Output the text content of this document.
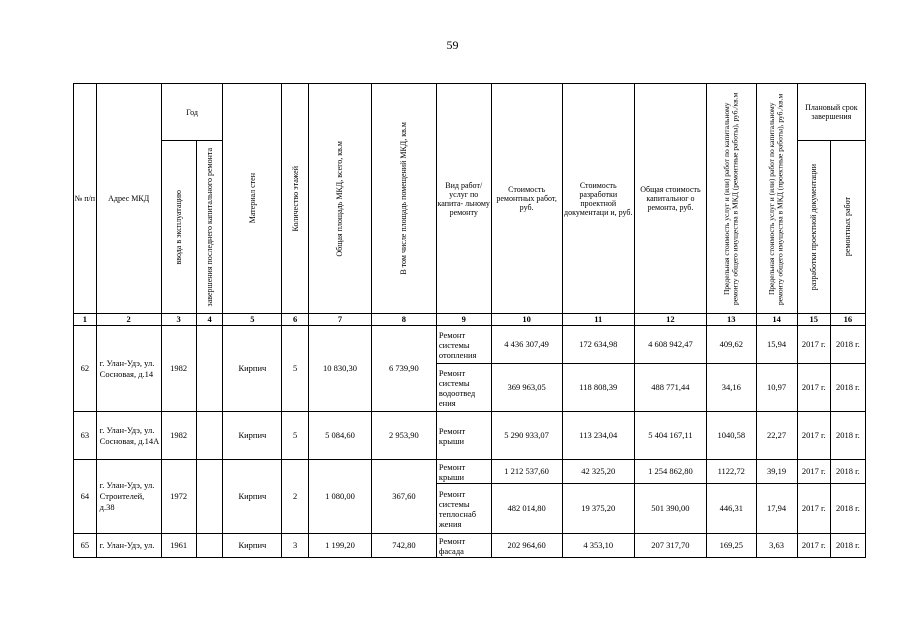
59
№ п/п	Адрес МКД	Год		Материал стен	Количество этажей	Общая площадь МКД, всего, кв.м	В том числе площадь помещений МКД, кв.м	Вид работ/ услуг по капита- льному ремонту	Стоимость ремонтных работ, руб.	Стоимость разработки проектной документаци и, руб.	Общая стоимость капитальног о ремонта, руб.	Предельная стоимость услуг и (или) работ по капитальному ремонту общего имущества в МКД (ремонтные работы), руб./кв.м	Предельная стоимость услуг и (или) работ по капитальному ремонту общего имущества в МКД (проектные работы), руб./кв.м	Плановый срок завершения	

		ввода в эксплуатацию	завершения последнего капитального ремонта											разработки проектной документации	ремонтных работ

1	2	3	4	5	6	7	8	9	10	11	12	13	14	15	16
62	г. Улан-Удэ, ул. Сосновая, д.14	1982		Кирпич	5	10 830,30	6 739,90	Ремонт системы отопления	4 436 307,49	172 634,98	4 608 942,47	409,62	15,94	2017 г.	2018 г.
								Ремонт системы водоотвед ения	369 963,05	118 808,39	488 771,44	34,16	10,97	2017 г.	2018 г.
63	г. Улан-Удэ, ул. Сосновая, д.14А	1982		Кирпич	5	5 084,60	2 953,90	Ремонт крыши	5 290 933,07	113 234,04	5 404 167,11	1040,58	22,27	2017 г.	2018 г.
64	г. Улан-Удэ, ул. Строителей, д.38	1972		Кирпич	2	1 080,00	367,60	Ремонт крыши	1 212 537,60	42 325,20	1 254 862,80	1122,72	39,19	2017 г.	2018 г.
								Ремонт системы теплоснаб жения	482 014,80	19 375,20	501 390,00	446,31	17,94	2017 г.	2018 г.
65	г. Улан-Удэ, ул.	1961		Кирпич	3	1 199,20	742,80	Ремонт фасада	202 964,60	4 353,10	207 317,70	169,25	3,63	2017 г.	2018 г.
